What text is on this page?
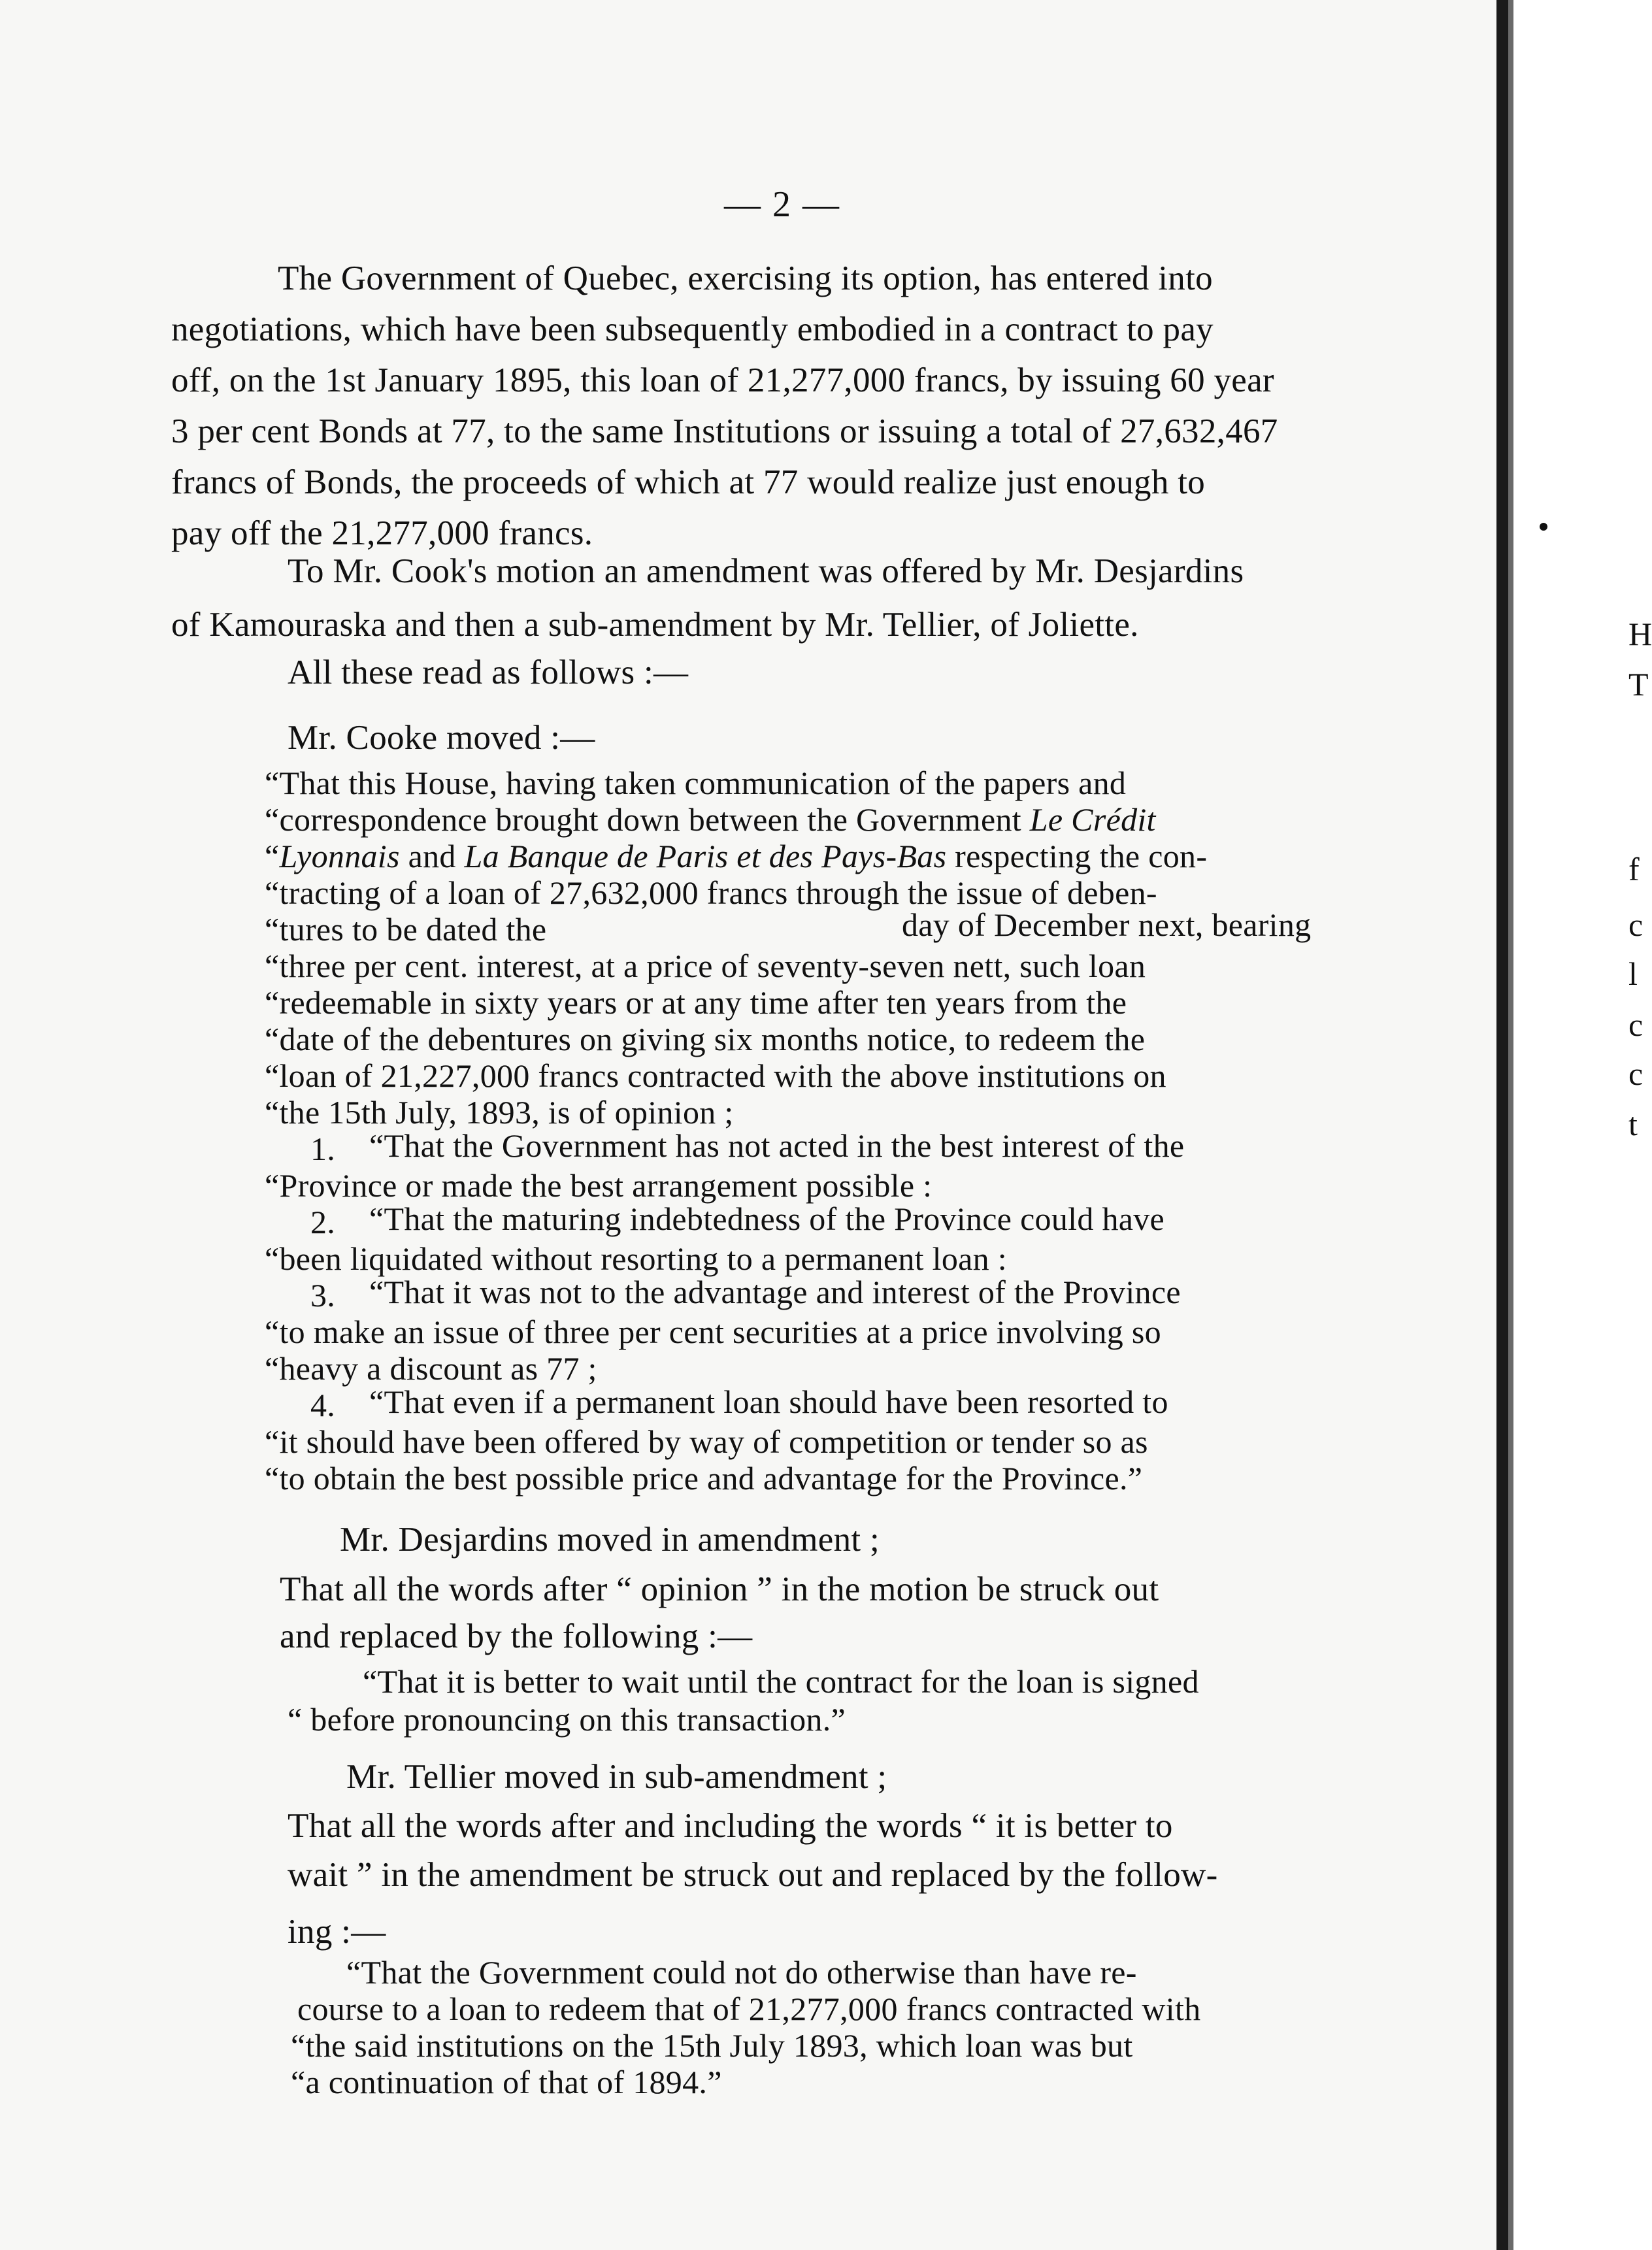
— 2 —
The Government of Quebec, exercising its option, has entered into
negotiations, which have been subsequently embodied in a contract to pay
off, on the 1st January 1895, this loan of 21,277,000 francs, by issuing 60 year
3 per cent Bonds at 77, to the same Institutions or issuing a total of 27,632,467
francs of Bonds, the proceeds of which at 77 would realize just enough to
pay off the 21,277,000 francs.
To Mr. Cook's motion an amendment was offered by Mr. Desjardins
of Kamouraska and then a sub-amendment by Mr. Tellier, of Joliette.
All these read as follows :—
Mr. Cooke moved :—
“That this House, having taken communication of the papers and
“correspondence brought down between the Government Le Crédit
“Lyonnais and La Banque de Paris et des Pays-Bas respecting the con-
“tracting of a loan of 27,632,000 francs through the issue of deben-
“tures to be dated the	day of December next, bearing
“three per cent. interest, at a price of seventy-seven nett, such loan
“redeemable in sixty years or at any time after ten years from the
“date of the debentures on giving six months notice, to redeem the
“loan of 21,227,000 francs contracted with the above institutions on
“the 15th July, 1893, is of opinion ;
1. “That the Government has not acted in the best interest of the
“Province or made the best arrangement possible :
2. “That the maturing indebtedness of the Province could have
“been liquidated without resorting to a permanent loan :
3. “That it was not to the advantage and interest of the Province
“to make an issue of three per cent securities at a price involving so
“heavy a discount as 77 ;
4. “That even if a permanent loan should have been resorted to
“it should have been offered by way of competition or tender so as
“to obtain the best possible price and advantage for the Province.”
Mr. Desjardins moved in amendment ;
That all the words after “ opinion ” in the motion be struck out
and replaced by the following :—
“That it is better to wait until the contract for the loan is signed
“ before pronouncing on this transaction.”
Mr. Tellier moved in sub-amendment ;
That all the words after and including the words “ it is better to
wait ” in the amendment be struck out and replaced by the follow-
ing :—
“That the Government could not do otherwise than have re-
course to a loan to redeem that of 21,277,000 francs contracted with
“the said institutions on the 15th July 1893, which loan was but
“a continuation of that of 1894.”
H
T
f
c
l
c
c
t
